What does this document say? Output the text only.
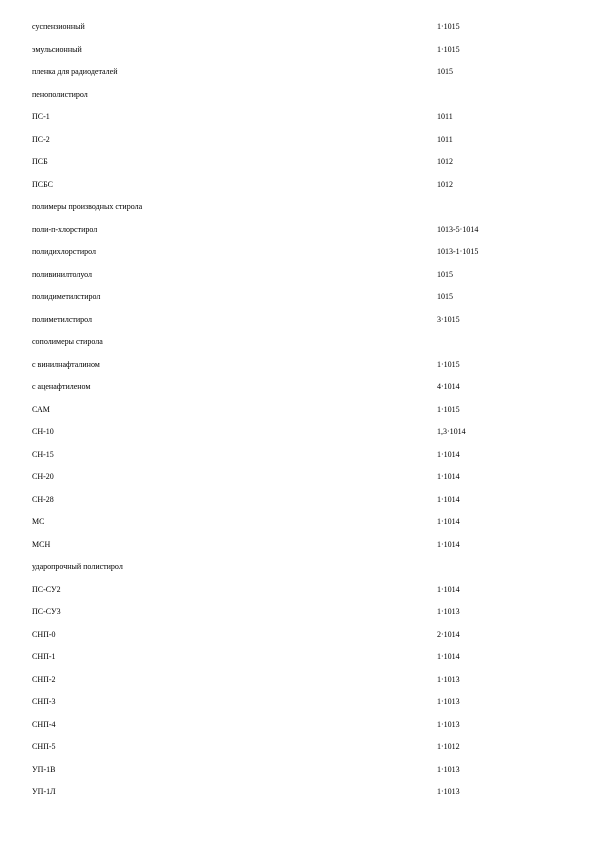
суспензионный	1·1015
эмульсионный	1·1015
пленка для радиодеталей	1015
пенополистирол
ПС-1	1011
ПС-2	1011
ПСБ	1012
ПСБС	1012
полимеры производных стирола
поли-п-хлорстирол	1013-5·1014
полидихлорстирол	1013-1·1015
поливинилтолуол	1015
полидиметилстирол	1015
полиметилстирол	3·1015
сополимеры стирола
с винилнафталином	1·1015
с аценафтиленом	4·1014
САМ	1·1015
СН-10	1,3·1014
СН-15	1·1014
СН-20	1·1014
СН-28	1·1014
МС	1·1014
МСН	1·1014
ударопрочный полистирол
ПС-СУ2	1·1014
ПС-СУ3	1·1013
СНП-0	2·1014
СНП-1	1·1014
СНП-2	1·1013
СНП-3	1·1013
СНП-4	1·1013
СНП-5	1·1012
УП-1В	1·1013
УП-1Л	1·1013
